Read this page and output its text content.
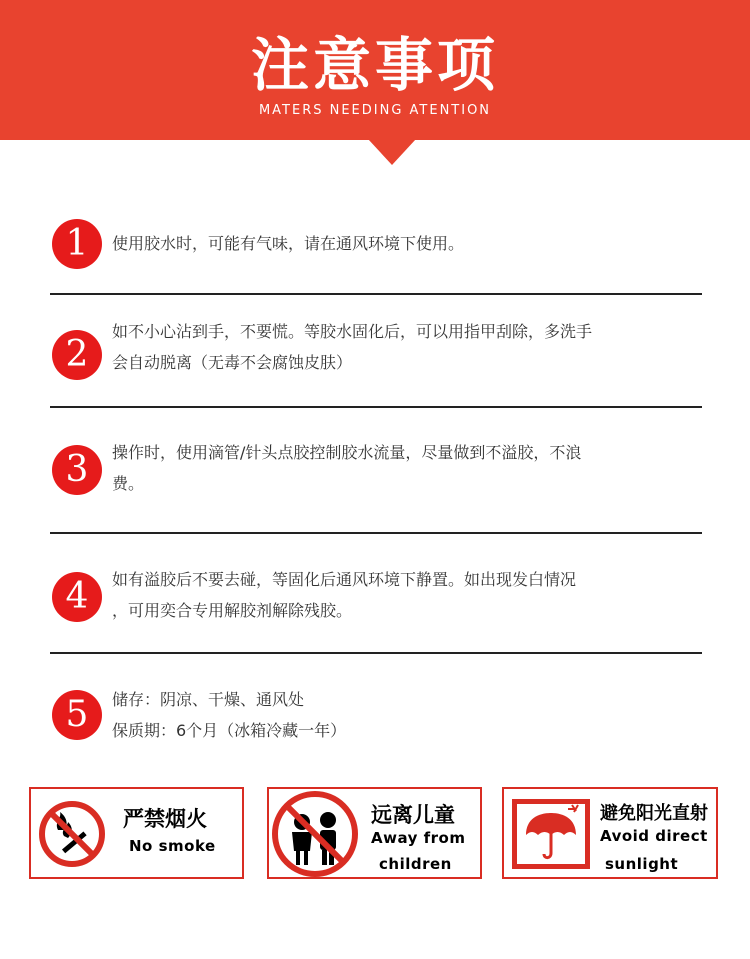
注意事项
MATERS NEEDING ATENTION
1	使用胶水时，可能有气味，请在通风环境下使用。
2
如不小心沾到手，不要慌。等胶水固化后，可以用指甲刮除，多洗手
会自动脱离（无毒不会腐蚀皮肤）
3	操作时，使用滴管/针头点胶控制胶水流量，尽量做到不溢胶，不浪
费。
4	如有溢胶后不要去碰，等固化后通风环境下静置。如出现发白情况
，可用奕合专用解胶剂解除残胶。
5	储存：阴凉、干燥、通风处
保质期：6个月（冰箱冷藏一年）
严禁烟火
No smoke
远离儿童
Away from
children
避免阳光直射
Avoid direct
sunlight
